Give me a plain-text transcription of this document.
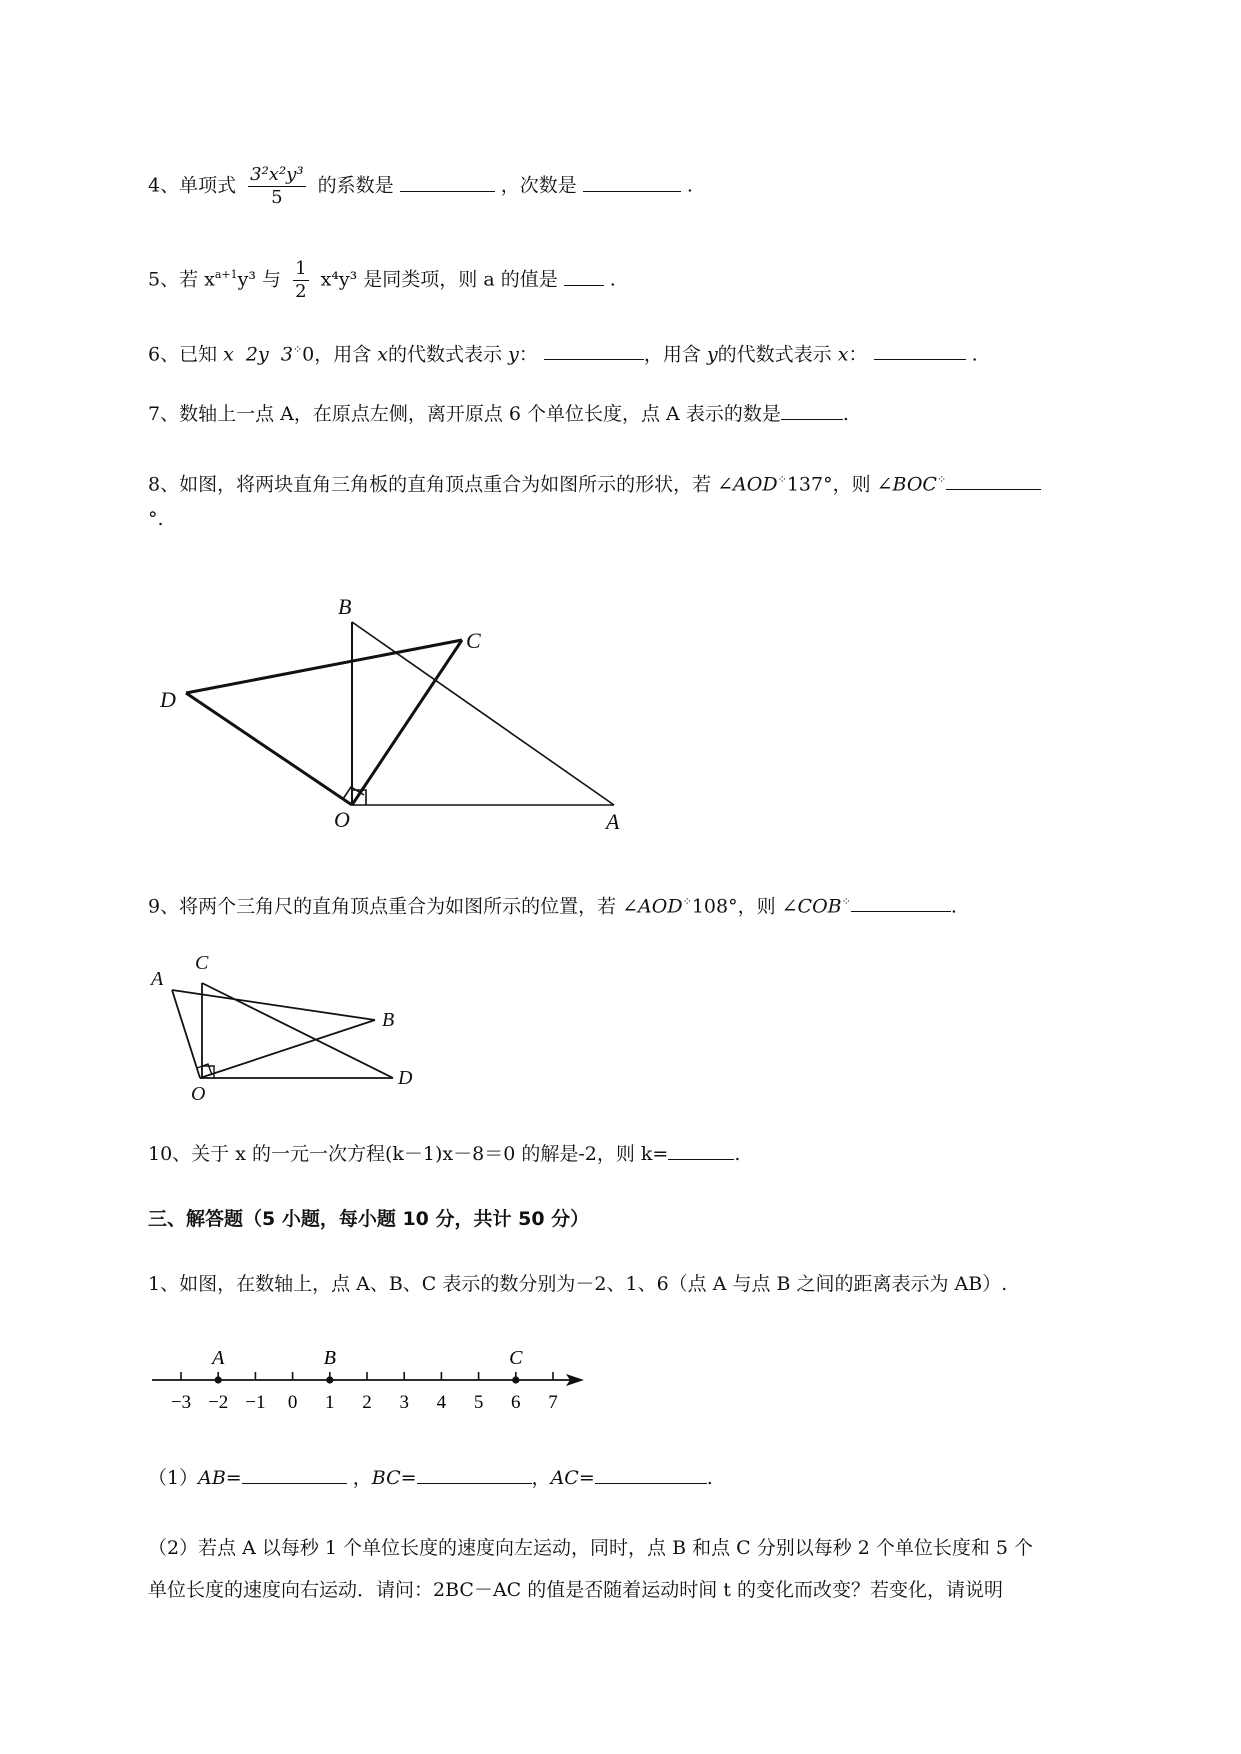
4、单项式 $\frac{\text{3²x²y³}}{5}$ 的系数是	，次数是	.
5、若 $x^{a+1}y^3$ 与 $\frac{1}{2} x^4y^3$ 是同类项，则 a 的值是	.
6、已知 x  2y  3⁘0，用含 x的代数式表示 y：	，用含 y的代数式表示 x：	.
7、数轴上一点 A，在原点左侧，离开原点 6 个单位长度，点 A 表示的数是	.
8、如图，将两块直角三角板的直角顶点重合为如图所示的形状，若 ∠AOD⁘137°，则 ∠BOC⁘
°.
B
C
D
O	A
9、将两个三角尺的直角顶点重合为如图所示的位置，若 ∠AOD⁘108°，则 ∠COB⁘	.
A
C
B
O
D
10、关于 x 的一元一次方程(k－1)x－8＝0 的解是-2，则 k=	.
三、解答题（5 小题，每小题 10 分，共计 50 分）
1、如图，在数轴上，点 A、B、C 表示的数分别为－2、1、6（点 A 与点 B 之间的距离表示为 AB）.
−3 −2 −1 0 1 2 3 4 5 6 7
A	B	C
（1）AB=	，BC=	，AC=	.
（2）若点 A 以每秒 1 个单位长度的速度向左运动，同时，点 B 和点 C 分别以每秒 2 个单位长度和 5 个
单位长度的速度向右运动．请问：2BC－AC 的值是否随着运动时间 t 的变化而改变？若变化，请说明
